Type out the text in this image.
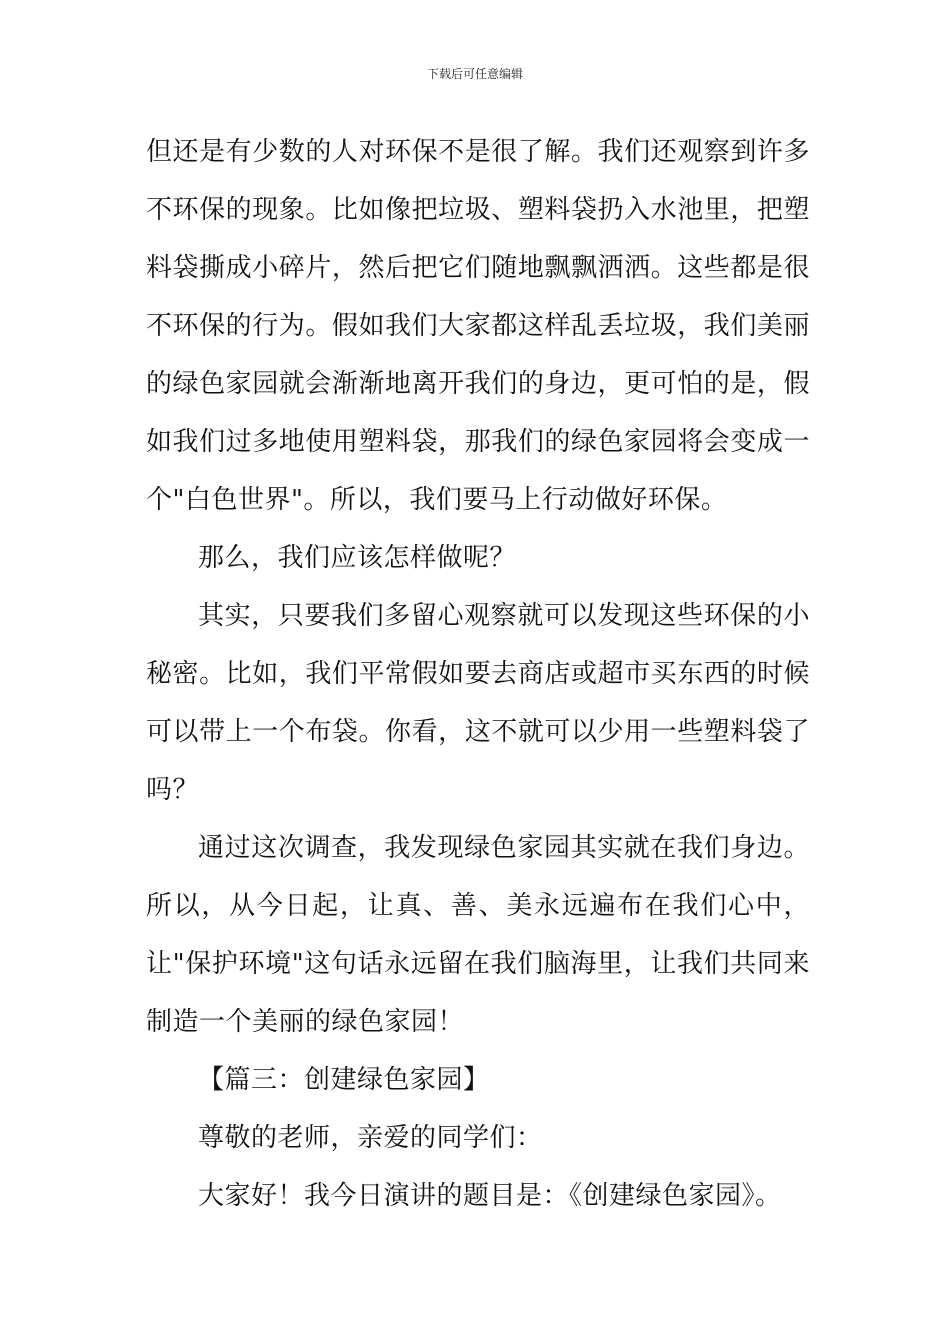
下载后可任意编辑
但还是有少数的人对环保不是很了解。我们还观察到许多
不环保的现象。比如像把垃圾、塑料袋扔入水池里，把塑
料袋撕成小碎片，然后把它们随地飘飘洒洒。这些都是很
不环保的行为。假如我们大家都这样乱丢垃圾，我们美丽
的绿色家园就会渐渐地离开我们的身边，更可怕的是，假
如我们过多地使用塑料袋，那我们的绿色家园将会变成一
个"白色世界"。所以，我们要马上行动做好环保。
那么，我们应该怎样做呢？
其实，只要我们多留心观察就可以发现这些环保的小
秘密。比如，我们平常假如要去商店或超市买东西的时候
可以带上一个布袋。你看，这不就可以少用一些塑料袋了
吗？
通过这次调查，我发现绿色家园其实就在我们身边。
所以，从今日起，让真、善、美永远遍布在我们心中，
让"保护环境"这句话永远留在我们脑海里，让我们共同来
制造一个美丽的绿色家园！
【篇三：创建绿色家园】
尊敬的老师，亲爱的同学们：
大家好！我今日演讲的题目是：《创建绿色家园》。
